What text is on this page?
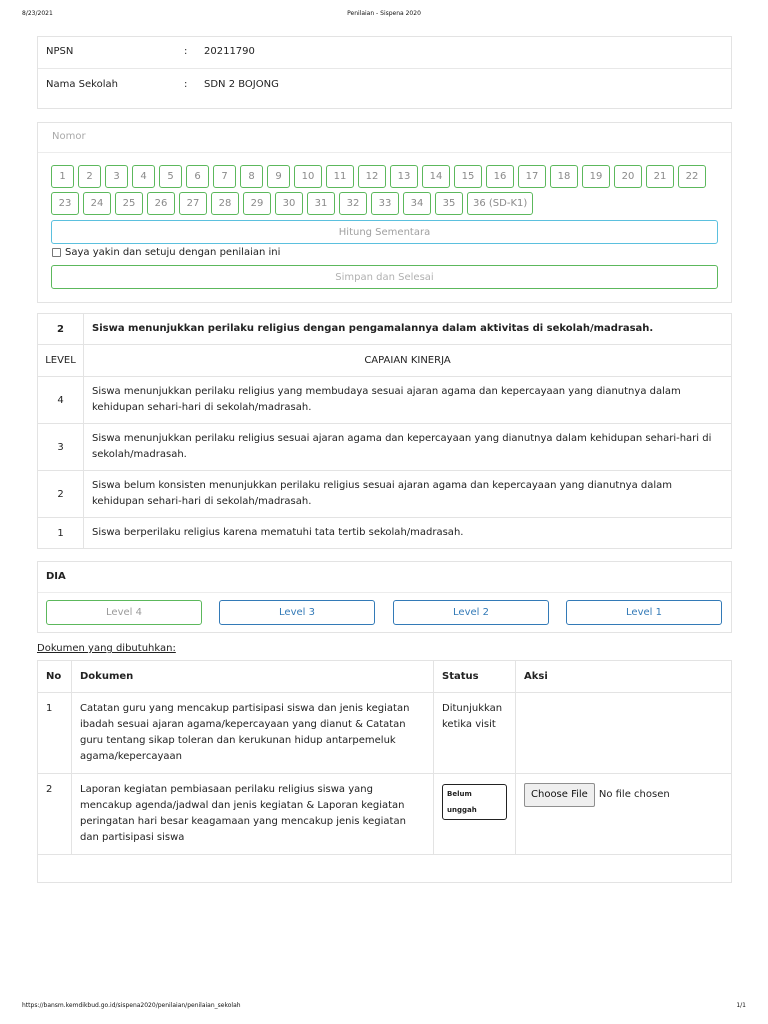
8/23/2021	Penilaian - Sispena 2020
NPSN	: 20211790
Nama Sekolah	: SDN 2 BOJONG
Nomor
1	2	3	4	5	6	7	8	9	10	11	12	13	14	15	16	17	18	19	20	21	22
23	24	25	26	27	28	29	30	31	32	33	34	35	36 (SD-K1)
Hitung Sementara
Saya yakin dan setuju dengan penilaian ini
Simpan dan Selesai
2	Siswa menunjukkan perilaku religius dengan pengamalannya dalam aktivitas di sekolah/madrasah.
LEVEL	CAPAIAN KINERJA
4	Siswa menunjukkan perilaku religius yang membudaya sesuai ajaran agama dan kepercayaan yang dianutnya dalam kehidupan sehari-hari di sekolah/madrasah.
3	Siswa menunjukkan perilaku religius sesuai ajaran agama dan kepercayaan yang dianutnya dalam kehidupan sehari-hari di sekolah/madrasah.
2	Siswa belum konsisten menunjukkan perilaku religius sesuai ajaran agama dan kepercayaan yang dianutnya dalam kehidupan sehari-hari di sekolah/madrasah.
1	Siswa berperilaku religius karena mematuhi tata tertib sekolah/madrasah.
DIA
Level 4	Level 3	Level 2	Level 1
Dokumen yang dibutuhkan:
No	Dokumen	Status	Aksi
1	Catatan guru yang mencakup partisipasi siswa dan jenis kegiatan ibadah sesuai ajaran agama/kepercayaan yang dianut & Catatan guru tentang sikap toleran dan kerukunan hidup antarpemeluk agama/kepercayaan	Ditunjukkan ketika visit	
2	Laporan kegiatan pembiasaan perilaku religius siswa yang mencakup agenda/jadwal dan jenis kegiatan & Laporan kegiatan peringatan hari besar keagamaan yang mencakup jenis kegiatan dan partisipasi siswa	Belum unggah	Choose File No file chosen

https://bansm.kemdikbud.go.id/sispena2020/penilaian/penilaian_sekolah	1/1
